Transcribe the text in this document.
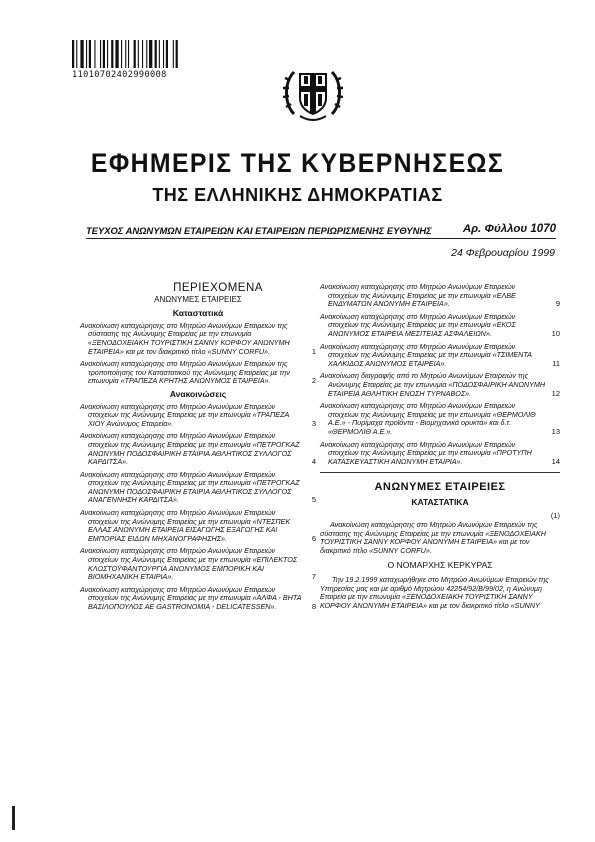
11010702402990008
ΕΦΗΜΕΡΙΣ ΤΗΣ ΚΥΒΕΡΝΗΣΕΩΣ
ΤΗΣ ΕΛΛΗΝΙΚΗΣ ΔΗΜΟΚΡΑΤΙΑΣ
ΤΕΥΧΟΣ ΑΝΩΝΥΜΩΝ ΕΤΑΙΡΕΙΩΝ ΚΑΙ ΕΤΑΙΡΕΙΩΝ ΠΕΡΙΩΡΙΣΜΕΝΗΣ ΕΥΘΥΝΗΣ	Αρ. Φύλλου 1070
24 Φεβρουαρίου 1999
ΠΕΡΙΕΧΟΜΕΝΑ
ΑΝΩΝΥΜΕΣ ΕΤΑΙΡΕΙΕΣ
Καταστατικά
Ανακοίνωση καταχώρησης στο Μητρώο Ανωνύμων Εταιρειών της σύστασης της Ανώνυμης Εταιρείας με την επωνυμία «ΞΕΝΟΔΟΧΕΙΑΚΗ ΤΟΥΡΙΣΤΙΚΗ ΣΑΝΝΥ ΚΟΡΦΟΥ ΑΝΩΝΥΜΗ ΕΤΑΙΡΕΙΑ» και με τον διακριτικό τίτλο «SUNNY CORFU».	1
Ανακοίνωση καταχώρησης στο Μητρώο Ανωνύμων Εταιρειών της τροποποίησης του Καταστατικού της Ανώνυμης Εταιρείας με την επωνυμία «ΤΡΑΠΕΖΑ ΚΡΗΤΗΣ ΑΝΩΝΥΜΟΣ ΕΤΑΙΡΕΙΑ».	2
Ανακοινώσεις
Ανακοίνωση καταχώρησης στο Μητρώο Ανωνύμων Εταιρειών στοιχείων της Ανώνυμης Εταιρείας με την επωνυμία «ΤΡΑΠΕΖΑ ΧΙΟΥ Ανώνυμος Εταιρεία».	3
Ανακοίνωση καταχώρησης στο Μητρώο Ανωνύμων Εταιρειών στοιχείων της Ανώνυμης Εταιρείας με την επωνυμία «ΠΕΤΡΟΓΚΑΖ ΑΝΩΝΥΜΗ ΠΟΔΟΣΦΑΙΡΙΚΗ ΕΤΑΙΡΙΑ ΑΘΛΗΤΙΚΟΣ ΣΥΛΛΟΓΟΣ ΚΑΡΔΙΤΣΑ».	4
Ανακοίνωση καταχώρησης στο Μητρώο Ανωνύμων Εταιρειών στοιχείων της Ανώνυμης Εταιρείας με την επωνυμία «ΠΕΤΡΟΓΚΑΖ ΑΝΩΝΥΜΗ ΠΟΔΟΣΦΑΙΡΙΚΗ ΕΤΑΙΡΙΑ ΑΘΛΗΤΙΚΟΣ ΣΥΛΛΟΓΟΣ ΑΝΑΓΕΝΝΗΣΗ ΚΑΡΔΙΤΣΑ».	5
Ανακοίνωση καταχώρησης στο Μητρώο Ανωνύμων Εταιρειών στοιχείων της Ανώνυμης Εταιρείας με την επωνυμία «ΝΤΕΣΠΕΚ ΕΛΛΑΣ ΑΝΩΝΥΜΗ ΕΤΑΙΡΕΙΑ ΕΙΣΑΓΩΓΗΣ ΕΞΑΓΩΓΗΣ ΚΑΙ ΕΜΠΟΡΙΑΣ ΕΙΔΩΝ ΜΗΧΑΝΟΓΡΑΦΗΣΗΣ».	6
Ανακοίνωση καταχώρησης στο Μητρώο Ανωνύμων Εταιρειών στοιχείων της Ανώνυμης Εταιρείας με την επωνυμία «ΕΠΙΛΕΚΤΟΣ ΚΛΩΣΤΟΫΦΑΝΤΟΥΡΓΙΑ ΑΝΩΝΥΜΟΣ ΕΜΠΟΡΙΚΗ ΚΑΙ ΒΙΟΜΗΧΑΝΙΚΗ ΕΤΑΙΡΙΑ».	7
Ανακοίνωση καταχώρησης στο Μητρώο Ανωνύμων Εταιρειών στοιχείων της Ανώνυμης Εταιρείας με την επωνυμία «ΑΛΦΑ - ΒΗΤΑ ΒΑΣΙΛΟΠΟΥΛΟΣ ΑΕ GASTRONOMIA - DELICATESSEN».	8
Ανακοίνωση καταχώρησης στο Μητρώο Ανωνύμων Εταιρειών στοιχείων της Ανώνυμης Εταιρείας με την επωνυμία «ΕΛΒΕ ΕΝΔΥΜΑΤΩΝ ΑΝΩΝΥΜΗ ΕΤΑΙΡΕΙΑ».	9
Ανακοίνωση καταχώρησης στο Μητρώο Ανωνύμων Εταιρειών στοιχείων της Ανώνυμης Εταιρείας με την επωνυμία «ΕΚΟΣ ΑΝΩΝΥΜΟΣ ΕΤΑΙΡΕΙΑ ΜΕΣΙΤΕΙΑΣ ΑΣΦΑΛΕΙΩΝ».	10
Ανακοίνωση καταχώρησης στο Μητρώο Ανωνύμων Εταιρειών στοιχείων της Ανώνυμης Εταιρείας με την επωνυμία «ΤΣΙΜΕΝΤΑ ΧΑΛΚΙΔΟΣ ΑΝΩΝΥΜΟΣ ΕΤΑΙΡΕΙΑ».	11
Ανακοίνωση διαγραφής από το Μητρώο Ανωνύμων Εταιρειών της Ανώνυμης Εταιρείας με την επωνυμία «ΠΟΔΟΣΦΑΙΡΙΚΗ ΑΝΩΝΥΜΗ ΕΤΑΙΡΕΙΑ ΑΘΛΗΤΙΚΗ ΕΝΩΣΗ ΤΥΡΝΑΒΟΣ».	12
Ανακοίνωση καταχώρησης στο Μητρώο Ανωνύμων Εταιρειών στοιχείων της Ανώνυμης Εταιρείας με την επωνυμία «ΘΕΡΜΟΛΙΘ Α.Ε.» - Πυρίμαχα προϊόντα - Βιομηχανικά ορυκτά» και δ.τ. «ΘΕΡΜΟΛΙΘ Α.Ε.».	13
Ανακοίνωση καταχώρησης στο Μητρώο Ανωνύμων Εταιρειών στοιχείων της Ανώνυμης Εταιρείας με την επωνυμία «ΠΡΟΤΥΠΗ ΚΑΤΑΣΚΕΥΑΣΤΙΚΗ ΑΝΩΝΥΜΗ ΕΤΑΙΡΙΑ».	14
ΑΝΩΝΥΜΕΣ ΕΤΑΙΡΕΙΕΣ
ΚΑΤΑΣΤΑΤΙΚΑ
(1)
Ανακοίνωση καταχώρησης στο Μητρώο Ανωνύμων Εταιρειών της σύστασης της Ανώνυμης Εταιρείας με την επωνυμία «ΞΕΝΟΔΟΧΕΙΑΚΗ ΤΟΥΡΙΣΤΙΚΗ ΣΑΝΝΥ ΚΟΡΦΟΥ ΑΝΩΝΥΜΗ ΕΤΑΙΡΕΙΑ» και με τον διακριτικό τίτλο «SUNNY CORFU».
Ο ΝΟΜΑΡΧΗΣ ΚΕΡΚΥΡΑΣ
Την 19.2.1999 καταχωρήθηκε στο Μητρώο Ανωνύμων Εταιρειών της Υπηρεσίας μας και με αριθμό Μητρώου 42254/92/Β/99/02, η Ανώνυμη Εταιρεία με την επωνυμία «ΞΕΝΟΔΟΧΕΙΑΚΗ ΤΟΥΡΙΣΤΙΚΗ ΣΑΝΝΥ ΚΟΡΦΟΥ ΑΝΩΝΥΜΗ ΕΤΑΙΡΕΙΑ» και με τον διακριτικό τίτλο «SUNNY
